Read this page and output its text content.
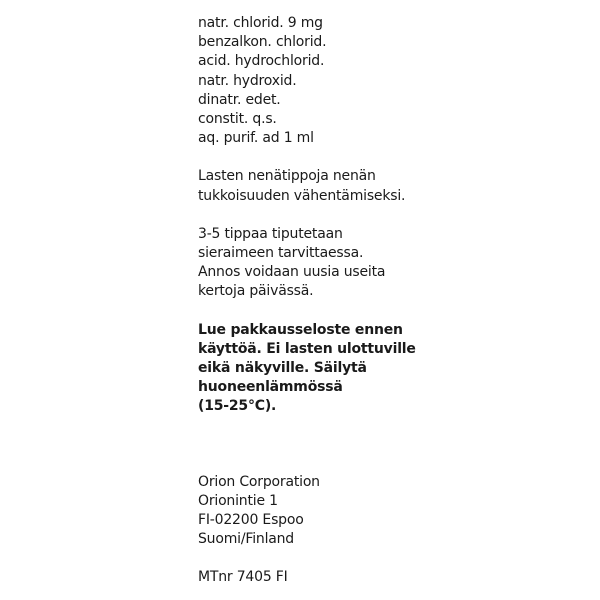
natr. chlorid. 9 mg
benzalkon. chlorid.
acid. hydrochlorid.
natr. hydroxid.
dinatr. edet.
constit. q.s.
aq. purif. ad 1 ml
Lasten nenätippoja nenän
tukkoisuuden vähentämiseksi.
3-5 tippaa tiputetaan
sieraimeen tarvittaessa.
Annos voidaan uusia useita
kertoja päivässä.
Lue pakkausseloste ennen
käyttöä. Ei lasten ulottuville
eikä näkyville. Säilytä
huoneenlämmössä
(15-25°C).
Orion Corporation
Orionintie 1
FI-02200 Espoo
Suomi/Finland
MTnr 7405 FI
